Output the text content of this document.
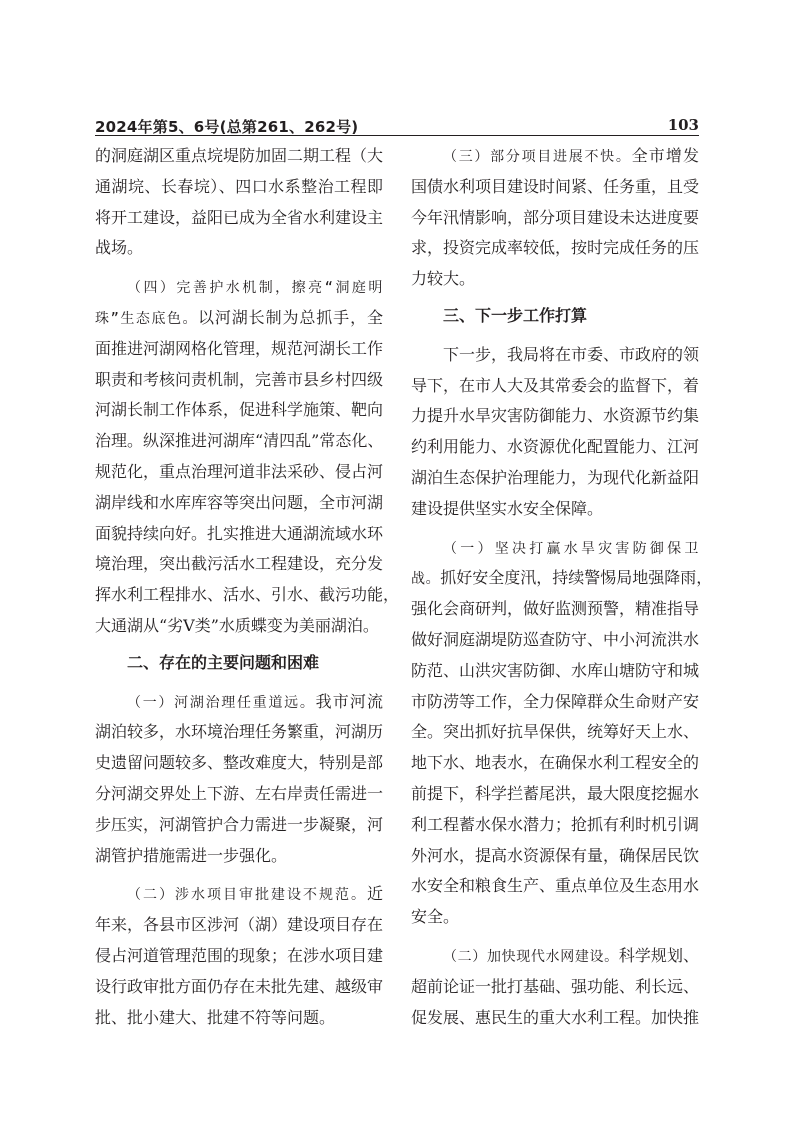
2024年第5、6号(总第261、262号)	103
的洞庭湖区重点垸堤防加固二期工程（大
通湖垸、长春垸）、四口水系整治工程即
将开工建设，益阳已成为全省水利建设主
战场。
（四）完善护水机制，擦亮“洞庭明
珠”生态底色。以河湖长制为总抓手，全
面推进河湖网格化管理，规范河湖长工作
职责和考核问责机制，完善市县乡村四级
河湖长制工作体系，促进科学施策、靶向
治理。纵深推进河湖库“清四乱”常态化、
规范化，重点治理河道非法采砂、侵占河
湖岸线和水库库容等突出问题，全市河湖
面貌持续向好。扎实推进大通湖流域水环
境治理，突出截污活水工程建设，充分发
挥水利工程排水、活水、引水、截污功能，
大通湖从“劣Ⅴ类”水质蝶变为美丽湖泊。
二、存在的主要问题和困难
（一）河湖治理任重道远。我市河流
湖泊较多，水环境治理任务繁重，河湖历
史遗留问题较多、整改难度大，特别是部
分河湖交界处上下游、左右岸责任需进一
步压实，河湖管护合力需进一步凝聚，河
湖管护措施需进一步强化。
（二）涉水项目审批建设不规范。近
年来，各县市区涉河（湖）建设项目存在
侵占河道管理范围的现象；在涉水项目建
设行政审批方面仍存在未批先建、越级审
批、批小建大、批建不符等问题。
（三）部分项目进展不快。全市增发
国债水利项目建设时间紧、任务重，且受
今年汛情影响，部分项目建设未达进度要
求，投资完成率较低，按时完成任务的压
力较大。
三、下一步工作打算
下一步，我局将在市委、市政府的领
导下，在市人大及其常委会的监督下，着
力提升水旱灾害防御能力、水资源节约集
约利用能力、水资源优化配置能力、江河
湖泊生态保护治理能力，为现代化新益阳
建设提供坚实水安全保障。
（一）坚决打赢水旱灾害防御保卫
战。抓好安全度汛，持续警惕局地强降雨，
强化会商研判，做好监测预警，精准指导
做好洞庭湖堤防巡查防守、中小河流洪水
防范、山洪灾害防御、水库山塘防守和城
市防涝等工作，全力保障群众生命财产安
全。突出抓好抗旱保供，统筹好天上水、
地下水、地表水，在确保水利工程安全的
前提下，科学拦蓄尾洪，最大限度挖掘水
利工程蓄水保水潜力；抢抓有利时机引调
外河水，提高水资源保有量，确保居民饮
水安全和粮食生产、重点单位及生态用水
安全。
（二）加快现代水网建设。科学规划、
超前论证一批打基础、强功能、利长远、
促发展、惠民生的重大水利工程。加快推
